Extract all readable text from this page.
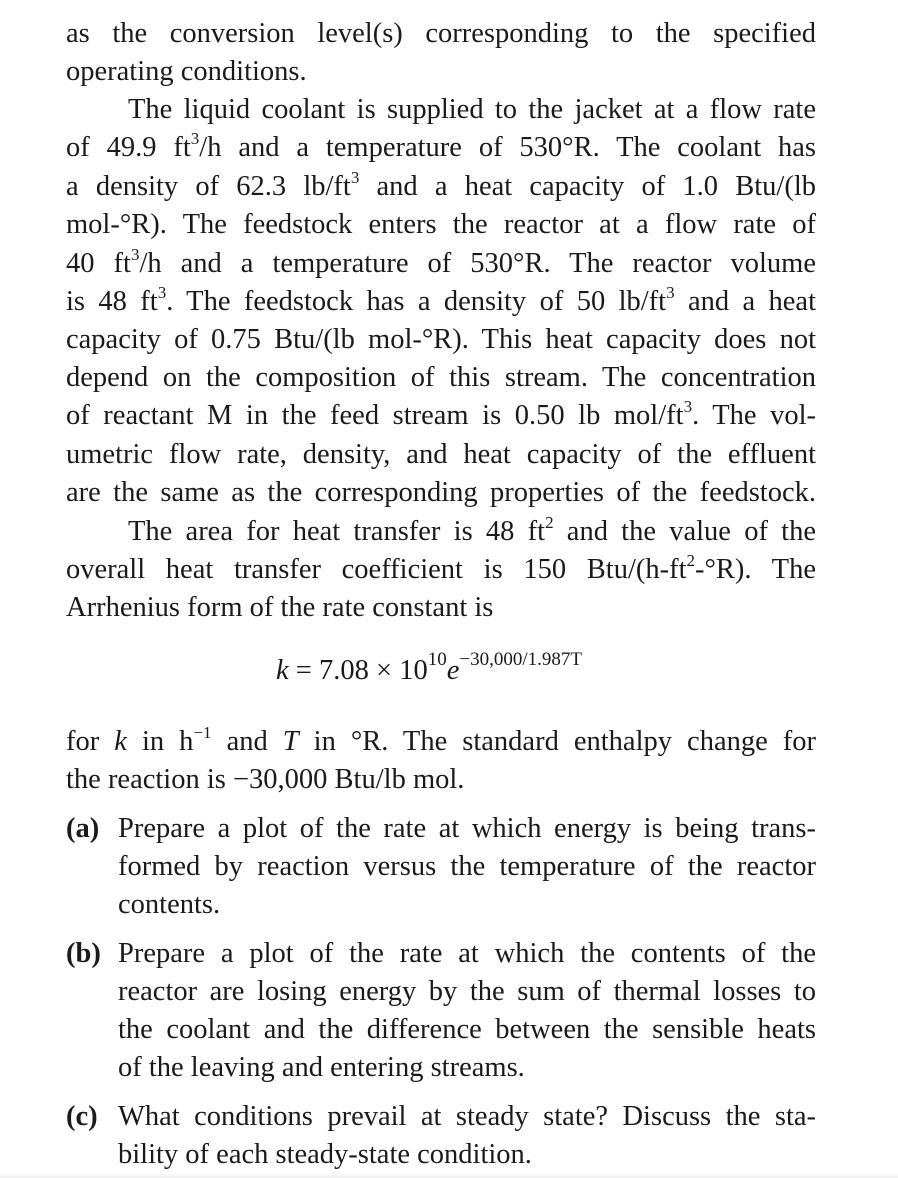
as the conversion level(s) corresponding to the specified
operating conditions.
The liquid coolant is supplied to the jacket at a flow rate
of 49.9 $ft^3/h$ and a temperature of 530°R. The coolant has
a density of 62.3 $lb/ft^3$ and a heat capacity of 1.0 Btu/(lb
mol-°R). The feedstock enters the reactor at a flow rate of
40 $ft^3/h$ and a temperature of 530°R. The reactor volume
is 48 $ft^3$. The feedstock has a density of 50 $lb/ft^3$ and a heat
capacity of 0.75 Btu/(lb mol-°R). This heat capacity does not
depend on the composition of this stream. The concentration
of reactant M in the feed stream is 0.50 lb mol/$ft^3$. The vol-
umetric flow rate, density, and heat capacity of the effluent
are the same as the corresponding properties of the feedstock.
The area for heat transfer is 48 $ft^2$ and the value of the
overall heat transfer coefficient is 150 Btu/$(h-ft^2-^\circ R)$. The
Arrhenius form of the rate constant is
$k = 7.08 \times 10^{10}e^{-30,000/1.987T}$
for k in $h^{-1}$ and T in °R. The standard enthalpy change for
the reaction is −30,000 Btu/lb mol.
(a) Prepare a plot of the rate at which energy is being trans-
formed by reaction versus the temperature of the reactor
contents.
(b) Prepare a plot of the rate at which the contents of the
reactor are losing energy by the sum of thermal losses to
the coolant and the difference between the sensible heats
of the leaving and entering streams.
(c) What conditions prevail at steady state? Discuss the sta-
bility of each steady-state condition.
